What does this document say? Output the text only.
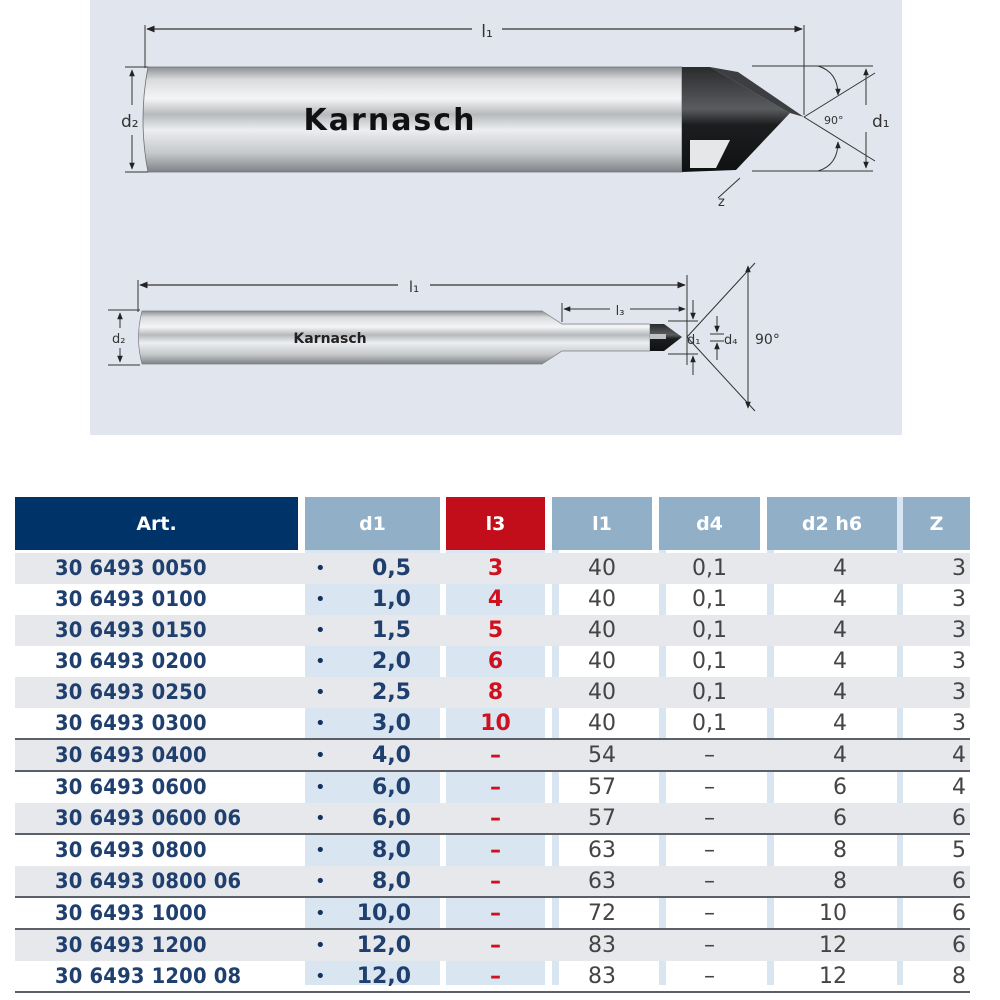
l₁
Karnasch
d₂	d₁
90°
z
l₁
Karnasch
l₃
d₂	d₁ d₄ 90°
Art.	d1	l3	l1	d4	d2 h6	Z
30 6493 0050	•	0,5	3	40	0,1	4	3
30 6493 0100	•	1,0	4	40	0,1	4	3
30 6493 0150	•	1,5	5	40	0,1	4	3
30 6493 0200	•	2,0	6	40	0,1	4	3
30 6493 0250	•	2,5	8	40	0,1	4	3
30 6493 0300	•	3,0	10	40	0,1	4	3
30 6493 0400	•	4,0	–	54	–	4	4
30 6493 0600	•	6,0	–	57	–	6	4
30 6493 0600 06	•	6,0	–	57	–	6	6
30 6493 0800	•	8,0	–	63	–	8	5
30 6493 0800 06	•	8,0	–	63	–	8	6
30 6493 1000	•	10,0	–	72	–	10	6
30 6493 1200	•	12,0	–	83	–	12	6
30 6493 1200 08	•	12,0	–	83	–	12	8
